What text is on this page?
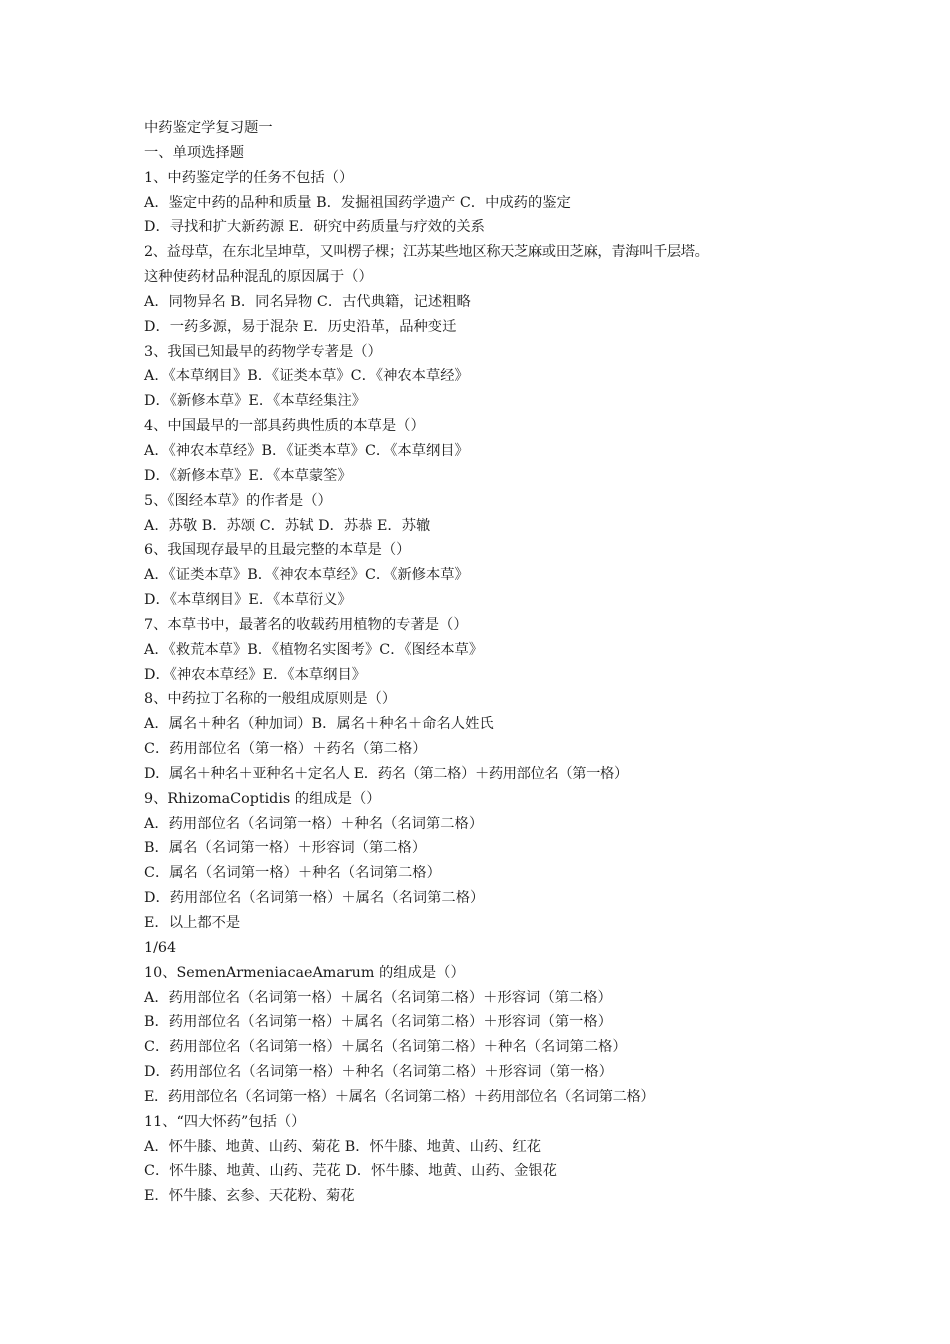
中药鉴定学复习题一
一、单项选择题
1、中药鉴定学的任务不包括（）
A．鉴定中药的品种和质量 B．发掘祖国药学遗产 C．中成药的鉴定
D．寻找和扩大新药源 E．研究中药质量与疗效的关系
2、益母草，在东北呈坤草，又叫楞子棵；江苏某些地区称天芝麻或田芝麻，青海叫千层塔。
这种使药材品种混乱的原因属于（）
A．同物异名 B．同名异物 C．古代典籍，记述粗略
D．一药多源，易于混杂 E．历史沿革，品种变迁
3、我国已知最早的药物学专著是（）
A．《本草纲目》B．《证类本草》C．《神农本草经》
D．《新修本草》E．《本草经集注》
4、中国最早的一部具药典性质的本草是（）
A．《神农本草经》B．《证类本草》C．《本草纲目》
D．《新修本草》E．《本草蒙筌》
5、《图经本草》的作者是（）
A．苏敬 B．苏颂 C．苏轼 D．苏恭 E．苏辙
6、我国现存最早的且最完整的本草是（）
A．《证类本草》B．《神农本草经》C．《新修本草》
D．《本草纲目》E．《本草衍义》
7、本草书中，最著名的收载药用植物的专著是（）
A．《救荒本草》B．《植物名实图考》C．《图经本草》
D．《神农本草经》E．《本草纲目》
8、中药拉丁名称的一般组成原则是（）
A．属名＋种名（种加词）B．属名＋种名＋命名人姓氏
C．药用部位名（第一格）＋药名（第二格）
D．属名＋种名＋亚种名＋定名人 E．药名（第二格）＋药用部位名（第一格）
9、RhizomaCoptidis 的组成是（）
A．药用部位名（名词第一格）＋种名（名词第二格）
B．属名（名词第一格）＋形容词（第二格）
C．属名（名词第一格）＋种名（名词第二格）
D．药用部位名（名词第一格）＋属名（名词第二格）
E．以上都不是
1/64
10、SemenArmeniacaeAmarum 的组成是（）
A．药用部位名（名词第一格）＋属名（名词第二格）＋形容词（第二格）
B．药用部位名（名词第一格）＋属名（名词第二格）＋形容词（第一格）
C．药用部位名（名词第一格）＋属名（名词第二格）＋种名（名词第二格）
D．药用部位名（名词第一格）＋种名（名词第二格）＋形容词（第一格）
E．药用部位名（名词第一格）＋属名（名词第二格）＋药用部位名（名词第二格）
11、“四大怀药”包括（）
A．怀牛膝、地黄、山药、菊花 B．怀牛膝、地黄、山药、红花
C．怀牛膝、地黄、山药、芫花 D．怀牛膝、地黄、山药、金银花
E．怀牛膝、玄参、天花粉、菊花
